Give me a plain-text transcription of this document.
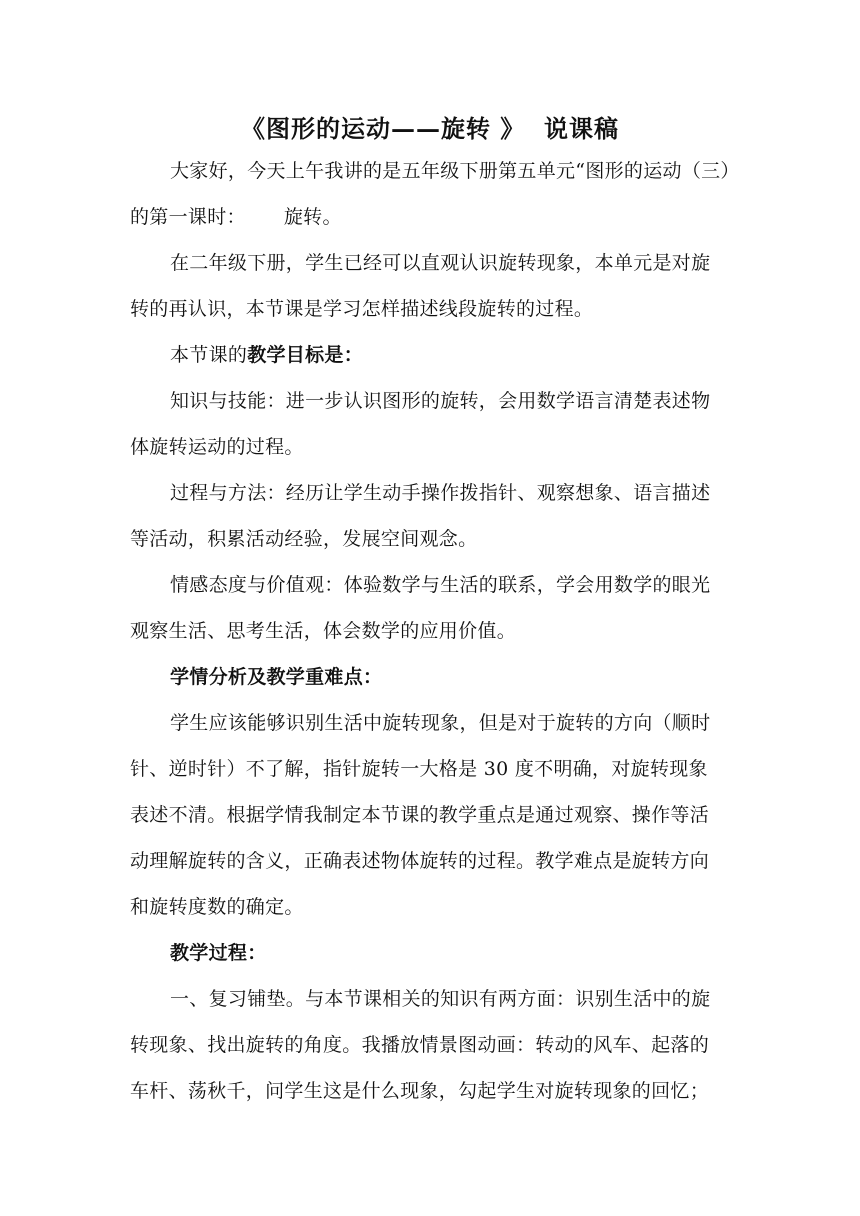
《图形的运动——旋转 》  说课稿
大家好，今天上午我讲的是五年级下册第五单元“图形的运动（三）
的第一课时：      旋转。
在二年级下册，学生已经可以直观认识旋转现象，本单元是对旋
转的再认识，本节课是学习怎样描述线段旋转的过程。
本节课的教学目标是：
知识与技能：进一步认识图形的旋转，会用数学语言清楚表述物
体旋转运动的过程。
过程与方法：经历让学生动手操作拨指针、观察想象、语言描述
等活动，积累活动经验，发展空间观念。
情感态度与价值观：体验数学与生活的联系，学会用数学的眼光
观察生活、思考生活，体会数学的应用价值。
学情分析及教学重难点：
学生应该能够识别生活中旋转现象，但是对于旋转的方向（顺时
针、逆时针）不了解，指针旋转一大格是 30 度不明确，对旋转现象
表述不清。根据学情我制定本节课的教学重点是通过观察、操作等活
动理解旋转的含义，正确表述物体旋转的过程。教学难点是旋转方向
和旋转度数的确定。
教学过程：
一、复习铺垫。与本节课相关的知识有两方面：识别生活中的旋
转现象、找出旋转的角度。我播放情景图动画：转动的风车、起落的
车杆、荡秋千，问学生这是什么现象，勾起学生对旋转现象的回忆；
